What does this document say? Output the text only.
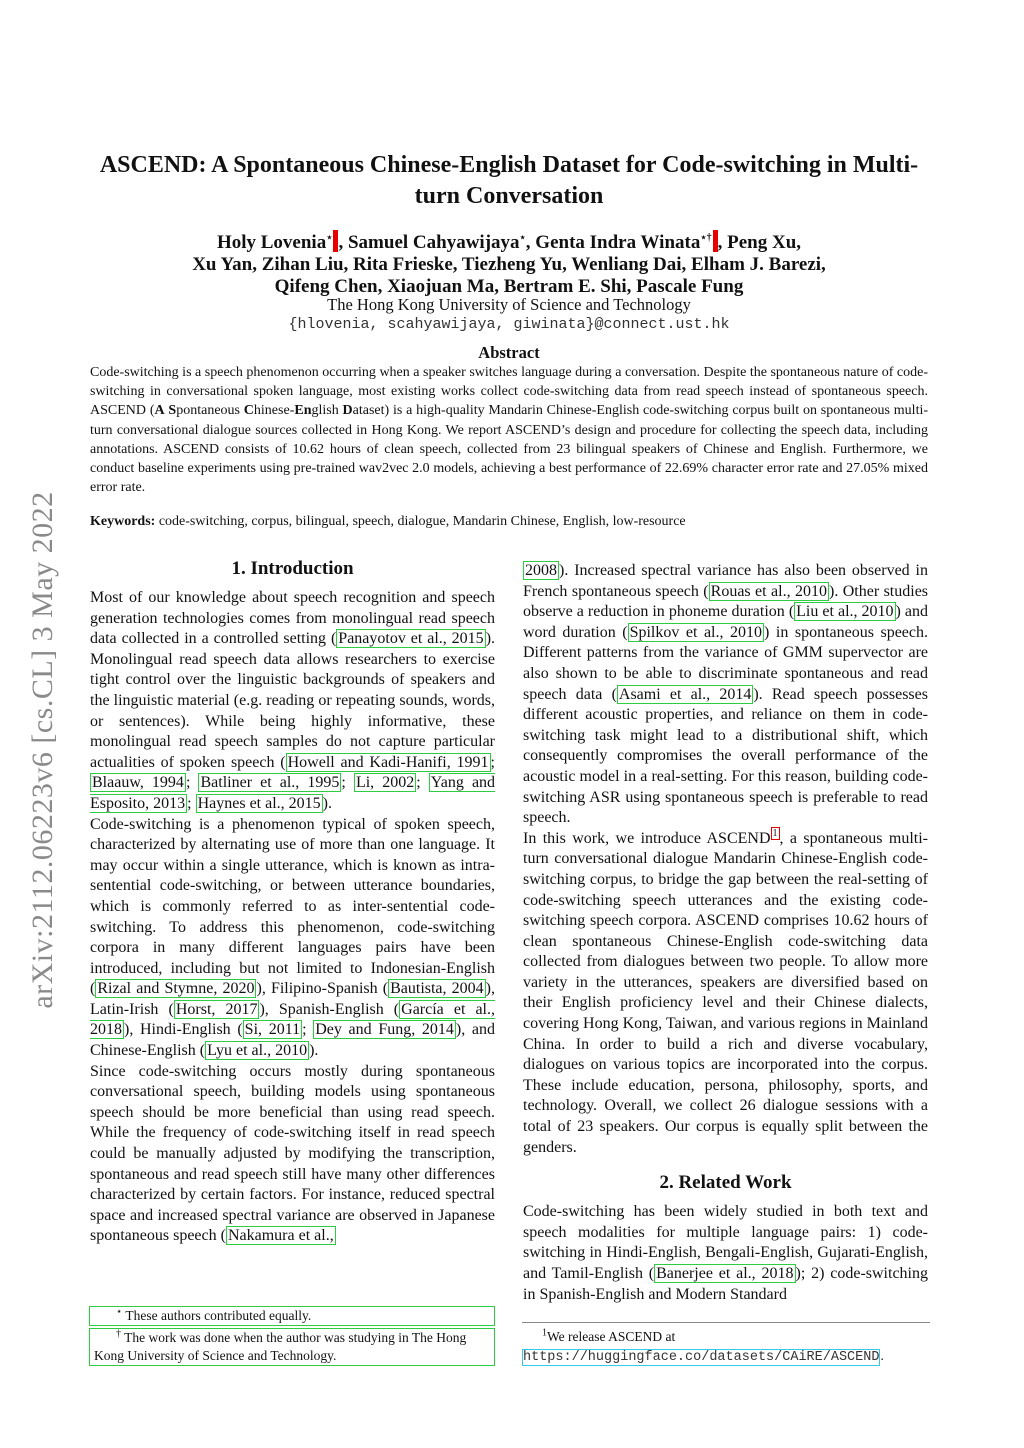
arXiv:2112.06223v6 [cs.CL] 3 May 2022
ASCEND: A Spontaneous Chinese-English Dataset for Code-switching in Multi-turn Conversation
Holy Lovenia⋆ , Samuel Cahyawijaya⋆, Genta Indra Winata⋆† , Peng Xu,
Xu Yan, Zihan Liu, Rita Frieske, Tiezheng Yu, Wenliang Dai, Elham J. Barezi,
Qifeng Chen, Xiaojuan Ma, Bertram E. Shi, Pascale Fung
The Hong Kong University of Science and Technology
{hlovenia, scahyawijaya, giwinata}@connect.ust.hk
Abstract
Code-switching is a speech phenomenon occurring when a speaker switches language during a conversation. Despite the spontaneous nature of code-switching in conversational spoken language, most existing works collect code-switching data from read speech instead of spontaneous speech. ASCEND (A Spontaneous Chinese-English Dataset) is a high-quality Mandarin Chinese-English code-switching corpus built on spontaneous multi-turn conversational dialogue sources collected in Hong Kong. We report ASCEND’s design and procedure for collecting the speech data, including annotations. ASCEND consists of 10.62 hours of clean speech, collected from 23 bilingual speakers of Chinese and English. Furthermore, we conduct baseline experiments using pre-trained wav2vec 2.0 models, achieving a best performance of 22.69% character error rate and 27.05% mixed error rate.
Keywords: code-switching, corpus, bilingual, speech, dialogue, Mandarin Chinese, English, low-resource
1. Introduction

Most of our knowledge about speech recognition and speech generation technologies comes from monolingual read speech data collected in a controlled setting ( Panayotov et al., 2015 ). Monolingual read speech data allows researchers to exercise tight control over the linguistic backgrounds of speakers and the linguistic material (e.g. reading or repeating sounds, words, or sentences). While being highly informative, these monolingual read speech samples do not capture particular actualities of spoken speech ( Howell and Kadi-Hanifi, 1991 ; Blaauw, 1994 ; Batliner et al., 1995 ; Li, 2002 ; Yang and Esposito, 2013 ; Haynes et al., 2015 ).

Code-switching is a phenomenon typical of spoken speech, characterized by alternating use of more than one language. It may occur within a single utterance, which is known as intra-sentential code-switching, or between utterance boundaries, which is commonly referred to as inter-sentential code-switching. To address this phenomenon, code-switching corpora in many different languages pairs have been introduced, including but not limited to Indonesian-English ( Rizal and Stymne, 2020 ), Filipino-Spanish ( Bautista, 2004 ), Latin-Irish ( Horst, 2017 ), Spanish-English ( García et al., 2018 ), Hindi-English ( Si, 2011 ; Dey and Fung, 2014 ), and Chinese-English ( Lyu et al., 2010 ).

Since code-switching occurs mostly during spontaneous conversational speech, building models using spontaneous speech should be more beneficial than using read speech. While the frequency of code-switching itself in read speech could be manually adjusted by modifying the transcription, spontaneous and read speech still have many other differences characterized by certain factors. For instance, reduced spectral space and increased spectral variance are observed in Japanese spontaneous speech ( Nakamura et al.,

2008 ). Increased spectral variance has also been observed in French spontaneous speech ( Rouas et al., 2010 ). Other studies observe a reduction in phoneme duration ( Liu et al., 2010 ) and word duration ( Spilkov et al., 2010 ) in spontaneous speech. Different patterns from the variance of GMM supervector are also shown to be able to discriminate spontaneous and read speech data ( Asami et al., 2014 ). Read speech possesses different acoustic properties, and reliance on them in code-switching task might lead to a distributional shift, which consequently compromises the overall performance of the acoustic model in a real-setting. For this reason, building code-switching ASR using spontaneous speech is preferable to read speech.

In this work, we introduce ASCEND $^1$ , a spontaneous multi-turn conversational dialogue Mandarin Chinese-English code-switching corpus, to bridge the gap between the real-setting of code-switching speech utterances and the existing code-switching speech corpora. ASCEND comprises 10.62 hours of clean spontaneous Chinese-English code-switching data collected from dialogues between two people. To allow more variety in the utterances, speakers are diversified based on their English proficiency level and their Chinese dialects, covering Hong Kong, Taiwan, and various regions in Mainland China. In order to build a rich and diverse vocabulary, dialogues on various topics are incorporated into the corpus. These include education, persona, philosophy, sports, and technology. Overall, we collect 26 dialogue sessions with a total of 23 speakers. Our corpus is equally split between the genders.

2. Related Work

Code-switching has been widely studied in both text and speech modalities for multiple language pairs: 1) code-switching in Hindi-English, Bengali-English, Gujarati-English, and Tamil-English ( Banerjee et al., 2018 ); 2) code-switching in Spanish-English and Modern Standard

⋆ These authors contributed equally.
† The work was done when the author was studying in The Hong Kong University of Science and Technology.
$^1$We release ASCEND at https://huggingface.co/datasets/CAiRE/ASCEND.
